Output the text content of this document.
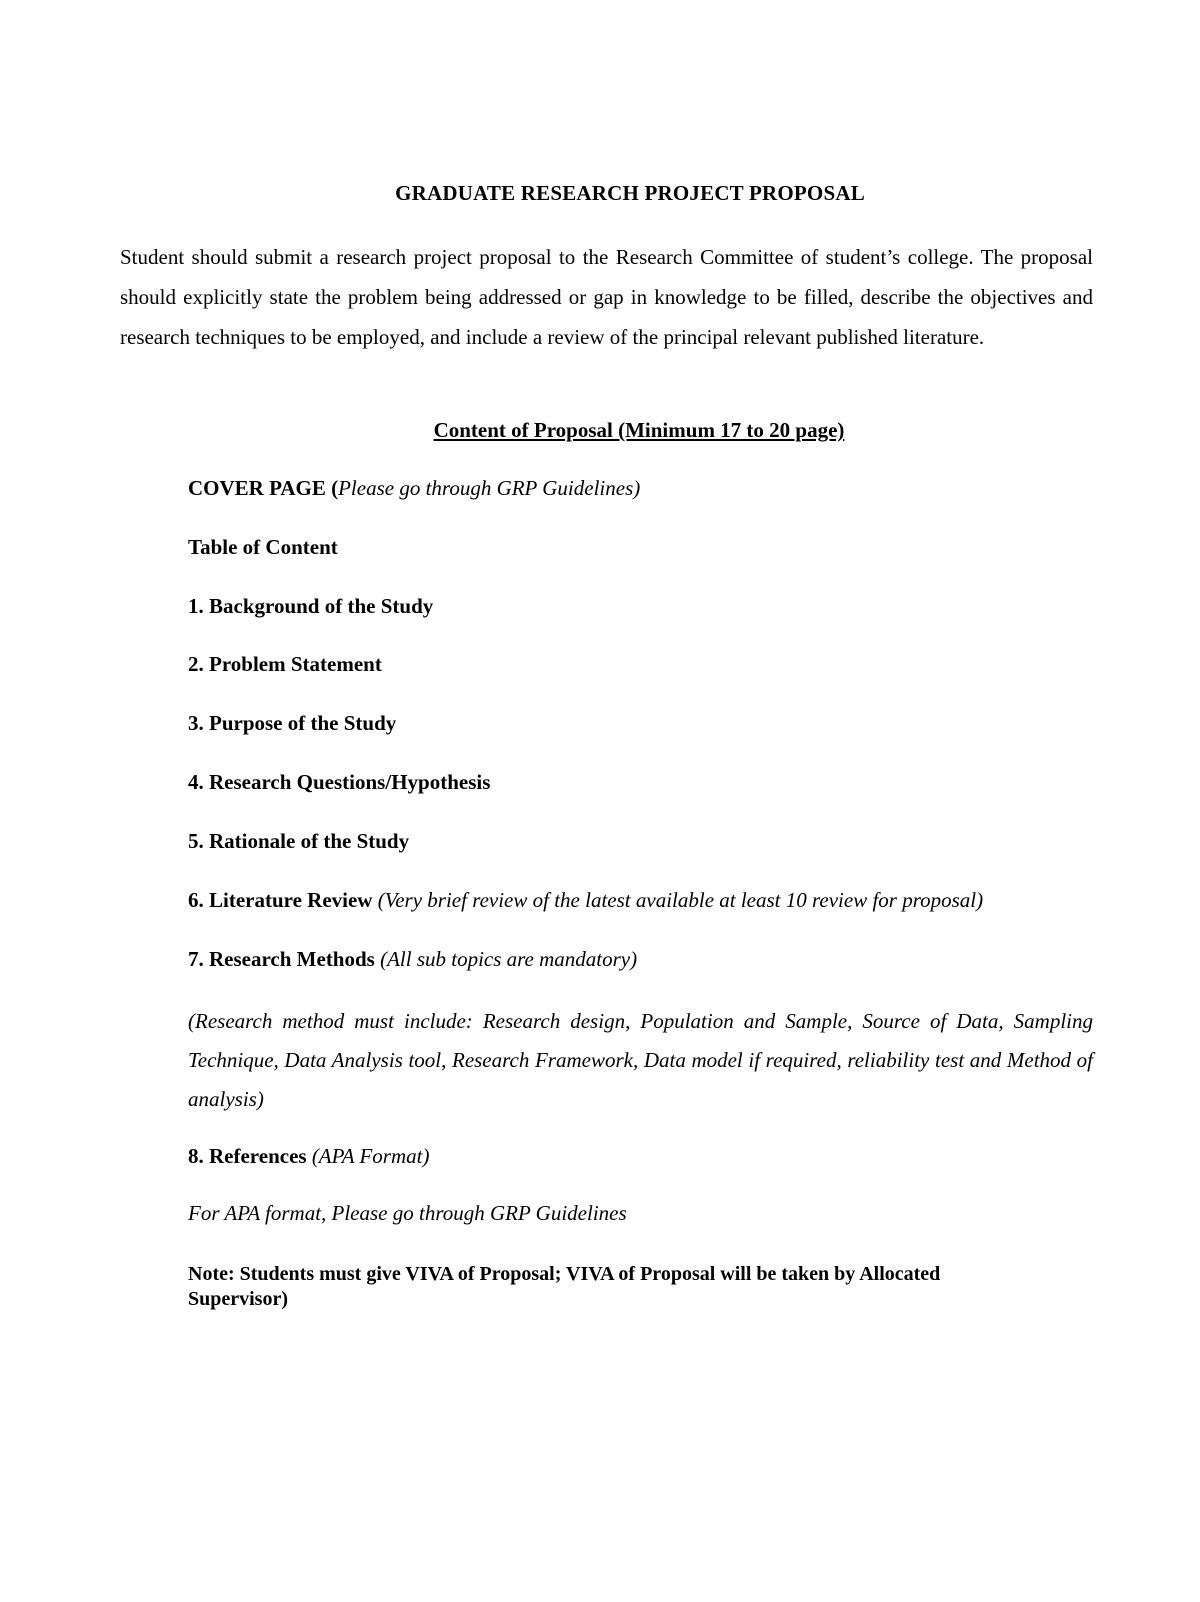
GRADUATE RESEARCH PROJECT PROPOSAL
Student should submit a research project proposal to the Research Committee of student’s college. The proposal should explicitly state the problem being addressed or gap in knowledge to be filled, describe the objectives and research techniques to be employed, and include a review of the principal relevant published literature.
Content of Proposal (Minimum 17 to 20 page)
COVER PAGE (Please go through GRP Guidelines)
Table of Content
1. Background of the Study
2. Problem Statement
3. Purpose of the Study
4. Research Questions/Hypothesis
5. Rationale of the Study
6. Literature Review (Very brief review of the latest available at least 10 review for proposal)
7. Research Methods (All sub topics are mandatory)
(Research method must include: Research design, Population and Sample, Source of Data, Sampling Technique, Data Analysis tool, Research Framework, Data model if required, reliability test and Method of analysis)
8. References (APA Format)
For APA format, Please go through GRP Guidelines
Note: Students must give VIVA of Proposal; VIVA of Proposal will be taken by Allocated Supervisor)
